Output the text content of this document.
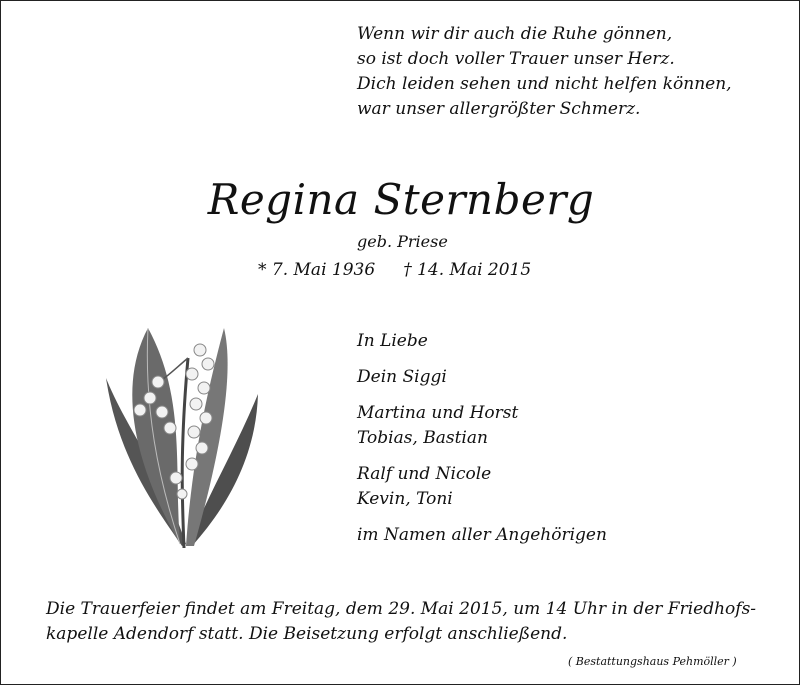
Wenn wir dir auch die Ruhe gönnen,
so ist doch voller Trauer unser Herz.
Dich leiden sehen und nicht helfen können,
war unser allergrößter Schmerz.
Regina Sternberg
geb. Priese
* 7. Mai 1936 † 14. Mai 2015
In Liebe
Dein Siggi
Martina und Horst
Tobias, Bastian
Ralf und Nicole
Kevin, Toni
im Namen aller Angehörigen
Die Trauerfeier findet am Freitag, dem 29. Mai 2015, um 14 Uhr in der Friedhofs-
kapelle Adendorf statt. Die Beisetzung erfolgt anschließend.
( Bestattungshaus Pehmöller )
